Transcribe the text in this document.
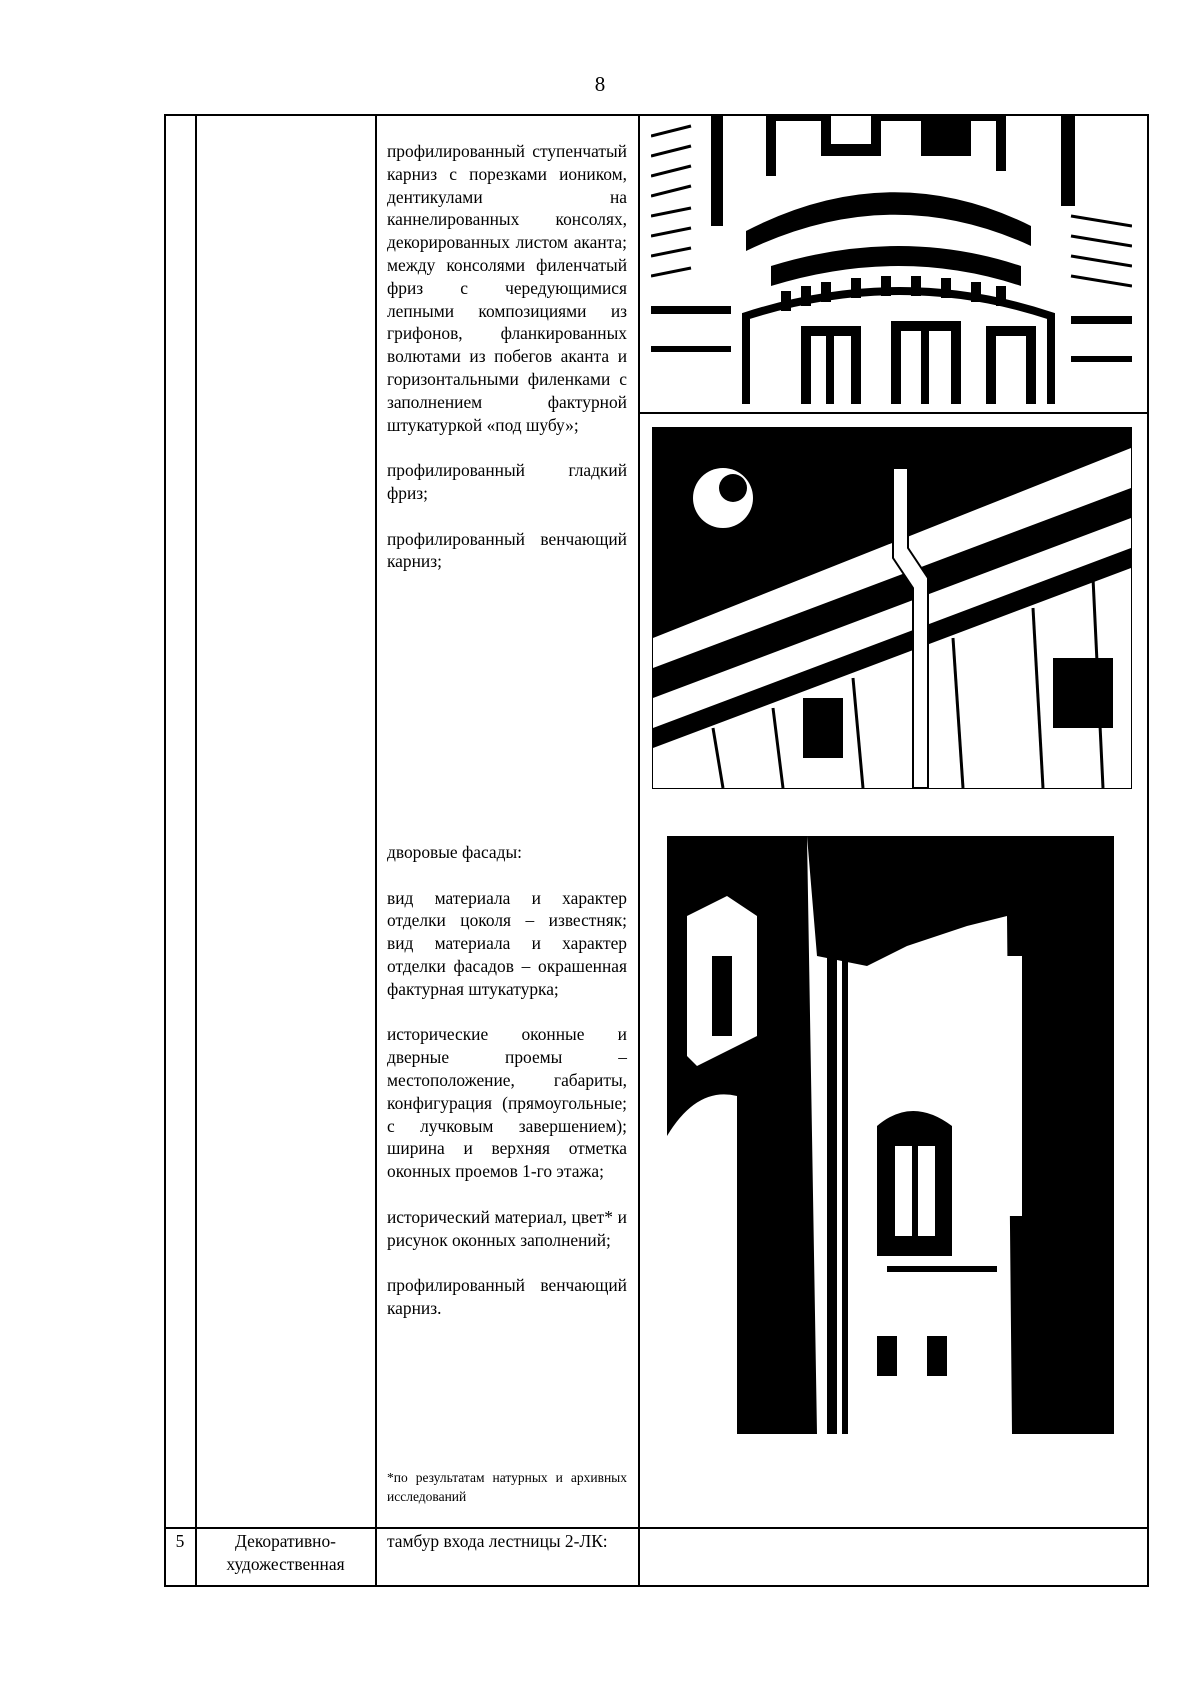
8

профилированный ступенчатый карниз с порезками иоником, дентикулами на каннелированных консолях, декорированных листом аканта; между консолями филенчатый фриз с чередующимися лепными композициями из грифонов, фланкированных волютами из побегов аканта и горизонтальными филенками с заполнением фактурной штукатуркой «под шубу»;

профилированный гладкий фриз;

профилированный венчающий карниз;

дворовые фасады:

вид материала и характер отделки цоколя – известняк; вид материала и характер отделки фасадов – окрашенная фактурная штукатурка;

исторические оконные и дверные проемы – местоположение, габариты, конфигурация (прямоугольные; с лучковым завершением); ширина и верхняя отметка оконных проемов 1-го этажа;

исторический материал, цвет* и рисунок оконных заполнений;

профилированный венчающий карниз.

*по результатам натурных и архивных исследований
5	Декоративно-
художественная
тамбур входа лестницы 2-ЛК:
